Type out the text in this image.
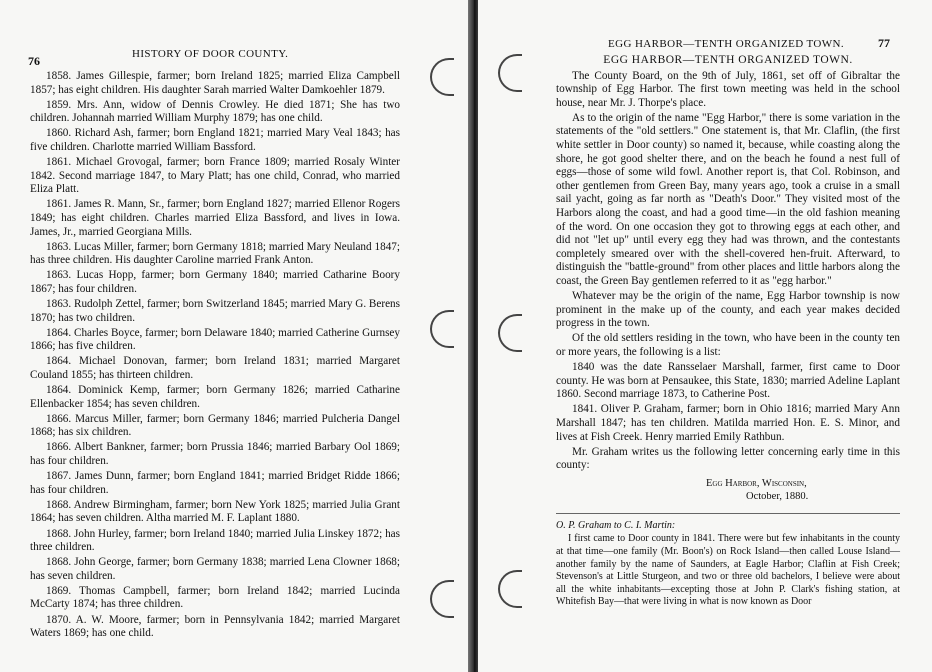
76	HISTORY OF DOOR COUNTY.

1858. James Gillespie, farmer; born Ireland 1825; married Eliza Campbell 1857; has eight children. His daughter Sarah married Walter Damkoehler 1879.

1859. Mrs. Ann, widow of Dennis Crowley. He died 1871; She has two children. Johannah married William Murphy 1879; has one child.

1860. Richard Ash, farmer; born England 1821; married Mary Veal 1843; has five children. Charlotte married William Bassford.

1861. Michael Grovogal, farmer; born France 1809; married Rosaly Winter 1842. Second marriage 1847, to Mary Platt; has one child, Conrad, who married Eliza Platt.

1861. James R. Mann, Sr., farmer; born England 1827; married Ellenor Rogers 1849; has eight children. Charles married Eliza Bassford, and lives in Iowa. James, Jr., married Georgiana Mills.

1863. Lucas Miller, farmer; born Germany 1818; married Mary Neuland 1847; has three children. His daughter Caroline married Frank Anton.

1863. Lucas Hopp, farmer; born Germany 1840; married Catharine Boory 1867; has four children.

1863. Rudolph Zettel, farmer; born Switzerland 1845; married Mary G. Berens 1870; has two children.

1864. Charles Boyce, farmer; born Delaware 1840; married Catherine Gurnsey 1866; has five children.

1864. Michael Donovan, farmer; born Ireland 1831; married Margaret Couland 1855; has thirteen children.

1864. Dominick Kemp, farmer; born Germany 1826; married Catharine Ellenbacker 1854; has seven children.

1866. Marcus Miller, farmer; born Germany 1846; married Pulcheria Dangel 1868; has six children.

1866. Albert Bankner, farmer; born Prussia 1846; married Barbary Ool 1869; has four children.

1867. James Dunn, farmer; born England 1841; married Bridget Ridde 1866; has four children.

1868. Andrew Birmingham, farmer; born New York 1825; married Julia Grant 1864; has seven children. Altha married M. F. Laplant 1880.

1868. John Hurley, farmer; born Ireland 1840; married Julia Linskey 1872; has three children.

1868. John George, farmer; born Germany 1838; married Lena Clowner 1868; has seven children.

1869. Thomas Campbell, farmer; born Ireland 1842; married Lucinda McCarty 1874; has three children.

1870. A. W. Moore, farmer; born in Pennsylvania 1842; married Margaret Waters 1869; has one child.

EGG HARBOR—TENTH ORGANIZED TOWN.	77

EGG HARBOR—TENTH ORGANIZED TOWN.

The County Board, on the 9th of July, 1861, set off of Gibraltar the township of Egg Harbor. The first town meeting was held in the school house, near Mr. J. Thorpe's place.

As to the origin of the name "Egg Harbor," there is some variation in the statements of the "old settlers." One statement is, that Mr. Claflin, (the first white settler in Door county) so named it, because, while coasting along the shore, he got good shelter there, and on the beach he found a nest full of eggs—those of some wild fowl. Another report is, that Col. Robinson, and other gentlemen from Green Bay, many years ago, took a cruise in a small sail yacht, going as far north as "Death's Door." They visited most of the Harbors along the coast, and had a good time—in the old fashion meaning of the word. On one occasion they got to throwing eggs at each other, and did not "let up" until every egg they had was thrown, and the contestants completely smeared over with the shell-covered hen-fruit. Afterward, to distinguish the "battle-ground" from other places and little harbors along the coast, the Green Bay gentlemen referred to it as "egg harbor."

Whatever may be the origin of the name, Egg Harbor township is now prominent in the make up of the county, and each year makes decided progress in the town.

Of the old settlers residing in the town, who have been in the county ten or more years, the following is a list:

1840 was the date Ransselaer Marshall, farmer, first came to Door county. He was born at Pensaukee, this State, 1830; married Adeline Laplant 1860. Second marriage 1873, to Catherine Post.

1841. Oliver P. Graham, farmer; born in Ohio 1816; married Mary Ann Marshall 1847; has ten children. Matilda married Hon. E. S. Minor, and lives at Fish Creek. Henry married Emily Rathbun.

Mr. Graham writes us the following letter concerning early time in this county:

Egg Harbor, Wisconsin,
October, 1880.
O. P. Graham to C. I. Martin:
I first came to Door county in 1841. There were but few inhabitants in the county at that time—one family (Mr. Boon's) on Rock Island—then called Louse Island—another family by the name of Saunders, at Eagle Harbor; Claflin at Fish Creek; Stevenson's at Little Sturgeon, and two or three old bachelors, I believe were about all the white inhabitants—excepting those at John P. Clark's fishing station, at Whitefish Bay—that were living in what is now known as Door
